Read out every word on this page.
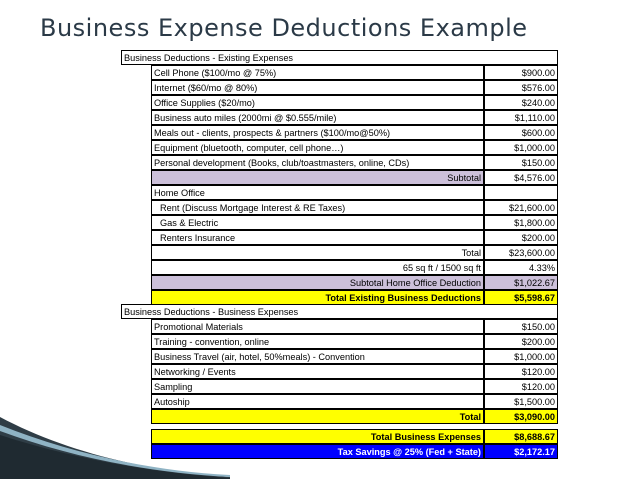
Business Expense Deductions Example
Business Deductions - Existing Expenses
Cell Phone ($100/mo @ 75%)	$900.00
Internet ($60/mo @ 80%)	$576.00
Office Supplies ($20/mo)	$240.00
Business auto miles (2000mi @ $0.555/mile)	$1,110.00
Meals out - clients, prospects & partners ($100/mo@50%)	$600.00
Equipment (bluetooth, computer, cell phone…)	$1,000.00
Personal development (Books, club/toastmasters, online, CDs)	$150.00
Subtotal	$4,576.00
Home Office
Rent (Discuss Mortgage Interest & RE Taxes)	$21,600.00
Gas & Electric	$1,800.00
Renters Insurance	$200.00
Total	$23,600.00
65 sq ft / 1500 sq ft	4.33%
Subtotal Home Office Deduction	$1,022.67
Total Existing Business Deductions	$5,598.67
Business Deductions - Business Expenses
Promotional Materials	$150.00
Training - convention, online	$200.00
Business Travel (air, hotel, 50%meals) - Convention	$1,000.00
Networking / Events	$120.00
Sampling	$120.00
Autoship	$1,500.00
Total	$3,090.00
Total Business Expenses	$8,688.67
Tax Savings @ 25% (Fed + State)	$2,172.17
